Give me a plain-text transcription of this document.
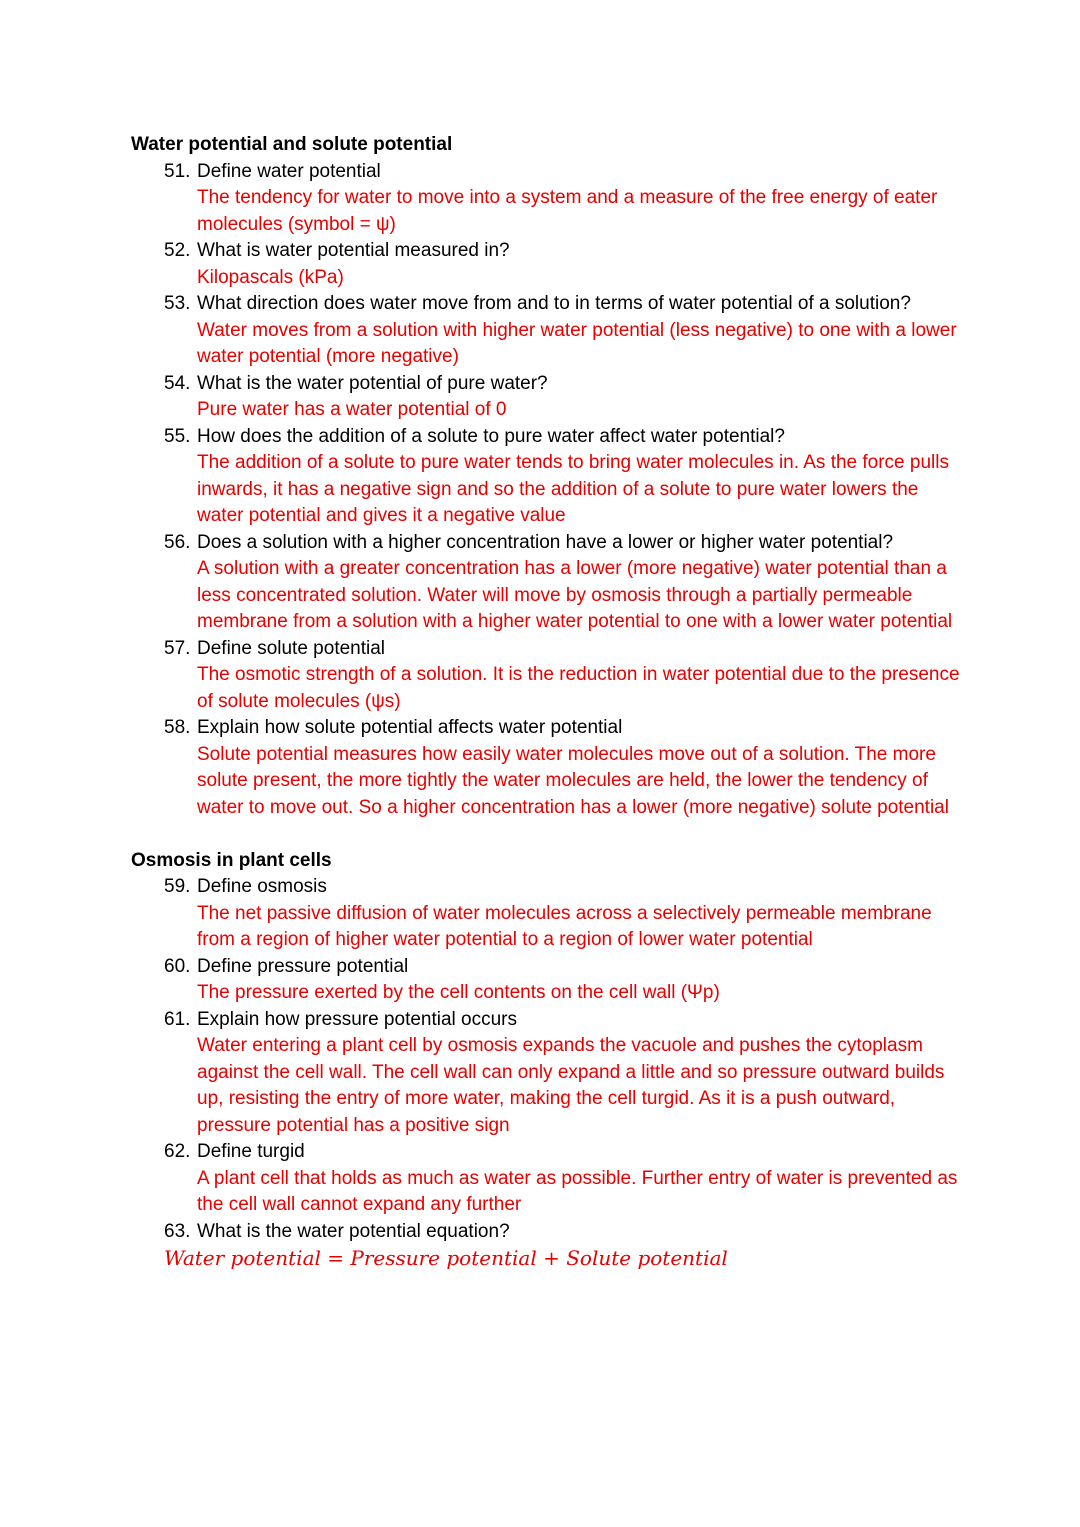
Water potential and solute potential
51. Define water potential
The tendency for water to move into a system and a measure of the free energy of eater molecules (symbol = ψ)
52. What is water potential measured in?
Kilopascals (kPa)
53. What direction does water move from and to in terms of water potential of a solution?
Water moves from a solution with higher water potential (less negative) to one with a lower water potential (more negative)
54. What is the water potential of pure water?
Pure water has a water potential of 0
55. How does the addition of a solute to pure water affect water potential?
The addition of a solute to pure water tends to bring water molecules in. As the force pulls inwards, it has a negative sign and so the addition of a solute to pure water lowers the water potential and gives it a negative value
56. Does a solution with a higher concentration have a lower or higher water potential?
A solution with a greater concentration has a lower (more negative) water potential than a less concentrated solution. Water will move by osmosis through a partially permeable membrane from a solution with a higher water potential to one with a lower water potential
57. Define solute potential
The osmotic strength of a solution. It is the reduction in water potential due to the presence of solute molecules (ψs)
58. Explain how solute potential affects water potential
Solute potential measures how easily water molecules move out of a solution. The more solute present, the more tightly the water molecules are held, the lower the tendency of water to move out. So a higher concentration has a lower (more negative) solute potential
Osmosis in plant cells
59. Define osmosis
The net passive diffusion of water molecules across a selectively permeable membrane from a region of higher water potential to a region of lower water potential
60. Define pressure potential
The pressure exerted by the cell contents on the cell wall (Ψp)
61. Explain how pressure potential occurs
Water entering a plant cell by osmosis expands the vacuole and pushes the cytoplasm against the cell wall. The cell wall can only expand a little and so pressure outward builds up, resisting the entry of more water, making the cell turgid. As it is a push outward, pressure potential has a positive sign
62. Define turgid
A plant cell that holds as much as water as possible. Further entry of water is prevented as the cell wall cannot expand any further
63. What is the water potential equation?
Water potential = Pressure potential + Solute potential
